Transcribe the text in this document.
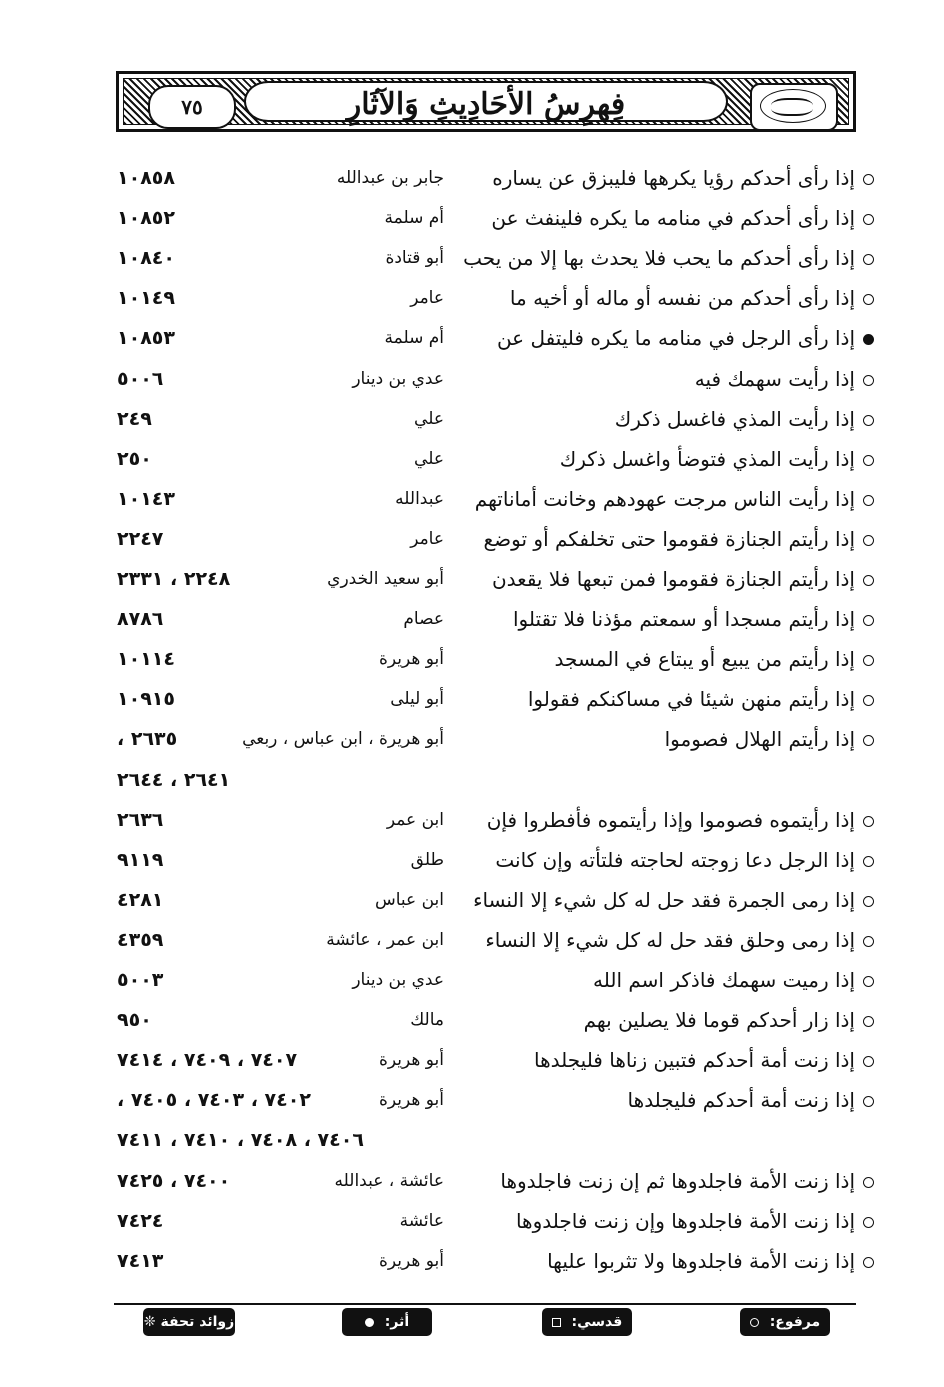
فِهرِسُ الأحَادِيثِ وَالآثَارِ
٧٥
إذا رأى أحدكم رؤيا يكرهها فليبزق عن يساره
جابر بن عبدالله
١٠٨٥٨
إذا رأى أحدكم في منامه ما يكره فلينفث عن
أم سلمة
١٠٨٥٢
إذا رأى أحدكم ما يحب فلا يحدث بها إلا من يحب
أبو قتادة
١٠٨٤٠
إذا رأى أحدكم من نفسه أو ماله أو أخيه ما
عامر
١٠١٤٩
إذا رأى الرجل في منامه ما يكره فليتفل عن
أم سلمة
١٠٨٥٣
إذا رأيت سهمك فيه
عدي بن دينار
٥٠٠٦
إذا رأيت المذي فاغسل ذكرك
علي
٢٤٩
إذا رأيت المذي فتوضأ واغسل ذكرك
علي
٢٥٠
إذا رأيت الناس مرجت عهودهم وخانت أماناتهم
عبدالله
١٠١٤٣
إذا رأيتم الجنازة فقوموا حتى تخلفكم أو توضع
عامر
٢٢٤٧
إذا رأيتم الجنازة فقوموا فمن تبعها فلا يقعدن
أبو سعيد الخدري
٢٢٤٨ ، ٢٣٣١
إذا رأيتم مسجدا أو سمعتم مؤذنا فلا تقتلوا
عصام
٨٧٨٦
إذا رأيتم من يبيع أو يبتاع في المسجد
أبو هريرة
١٠١١٤
إذا رأيتم منهن شيئا في مساكنكم فقولوا
أبو ليلى
١٠٩١٥
إذا رأيتم الهلال فصوموا
أبو هريرة ، ابن عباس ، ربعي
٢٦٣٥ ،
٢٦٤١ ، ٢٦٤٤
إذا رأيتموه فصوموا وإذا رأيتموه فأفطروا فإن
ابن عمر
٢٦٣٦
إذا الرجل دعا زوجته لحاجته فلتأته وإن كانت
طلق
٩١١٩
إذا رمى الجمرة فقد حل له كل شيء إلا النساء
ابن عباس
٤٢٨١
إذا رمى وحلق فقد حل له كل شيء إلا النساء
ابن عمر ، عائشة
٤٣٥٩
إذا رميت سهمك فاذكر اسم الله
عدي بن دينار
٥٠٠٣
إذا زار أحدكم قوما فلا يصلين بهم
مالك
٩٥٠
إذا زنت أمة أحدكم فتبين زناها فليجلدها
أبو هريرة
٧٤٠٧ ، ٧٤٠٩ ، ٧٤١٤
إذا زنت أمة أحدكم فليجلدها
أبو هريرة
٧٤٠٢ ، ٧٤٠٣ ، ٧٤٠٥ ،
٧٤٠٦ ، ٧٤٠٨ ، ٧٤١٠ ، ٧٤١١
إذا زنت الأمة فاجلدوها ثم إن زنت فاجلدوها
عائشة ، عبدالله
٧٤٠٠ ، ٧٤٢٥
إذا زنت الأمة فاجلدوها وإن زنت فاجلدوها
عائشة
٧٤٢٤
إذا زنت الأمة فاجلدوها ولا تثربوا عليها
أبو هريرة
٧٤١٣
مرفوع:
قدسي:
أثر:
زوائد تحفة ❊
